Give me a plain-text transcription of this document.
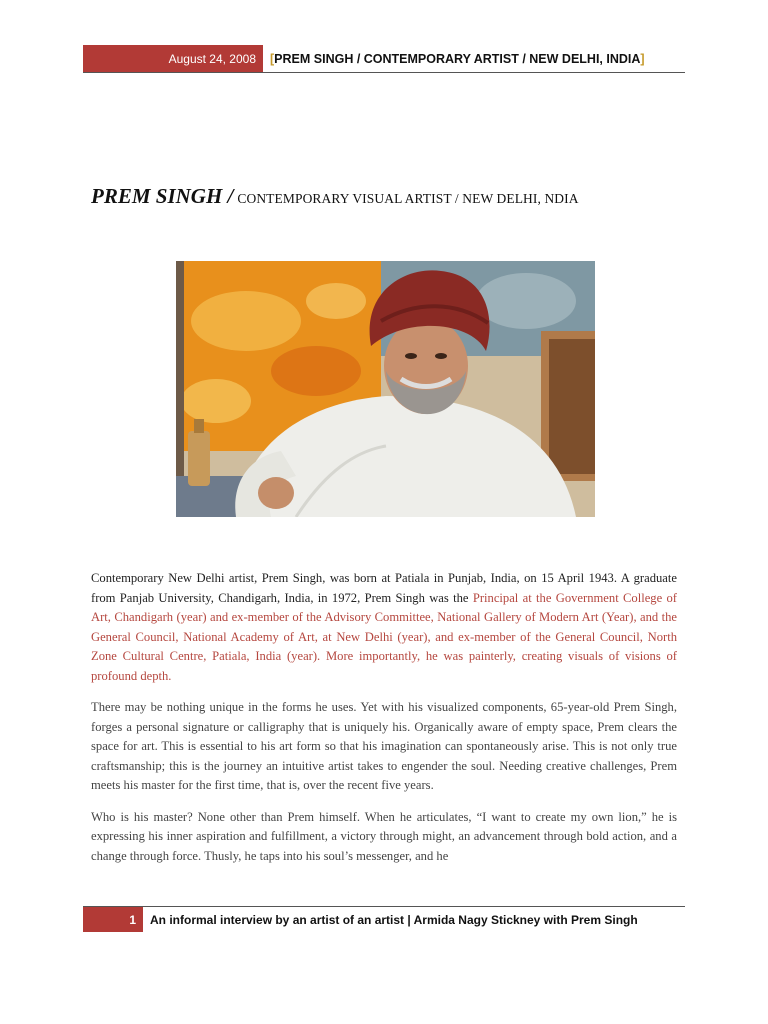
August 24, 2008 [ PREM SINGH / CONTEMPORARY ARTIST / NEW DELHI, INDIA ]
PREM SINGH / CONTEMPORARY VISUAL ARTIST / NEW DELHI, NDIA

Contemporary New Delhi artist, Prem Singh, was born at Patiala in Punjab, India, on 15 April 1943. A graduate from Panjab University, Chandigarh, India, in 1972, Prem Singh was the Principal at the Government College of Art, Chandigarh (year) and ex-member of the Advisory Committee, National Gallery of Modern Art (Year), and the General Council, National Academy of Art, at New Delhi (year), and ex-member of the General Council, North Zone Cultural Centre, Patiala, India (year). More importantly, he was painterly, creating visuals of visions of profound depth.

There may be nothing unique in the forms he uses. Yet with his visualized components, 65-year-old Prem Singh, forges a personal signature or calligraphy that is uniquely his. Organically aware of empty space, Prem clears the space for art. This is essential to his art form so that his imagination can spontaneously arise. This is not only true craftsmanship; this is the journey an intuitive artist takes to engender the soul. Needing creative challenges, Prem meets his master for the first time, that is, over the recent five years.

Who is his master? None other than Prem himself. When he articulates, “I want to create my own lion,” he is expressing his inner aspiration and fulfillment, a victory through might, an advancement through bold action, and a change through force. Thusly, he taps into his soul’s messenger, and he

1 An informal interview by an artist of an artist | Armida Nagy Stickney with Prem Singh
